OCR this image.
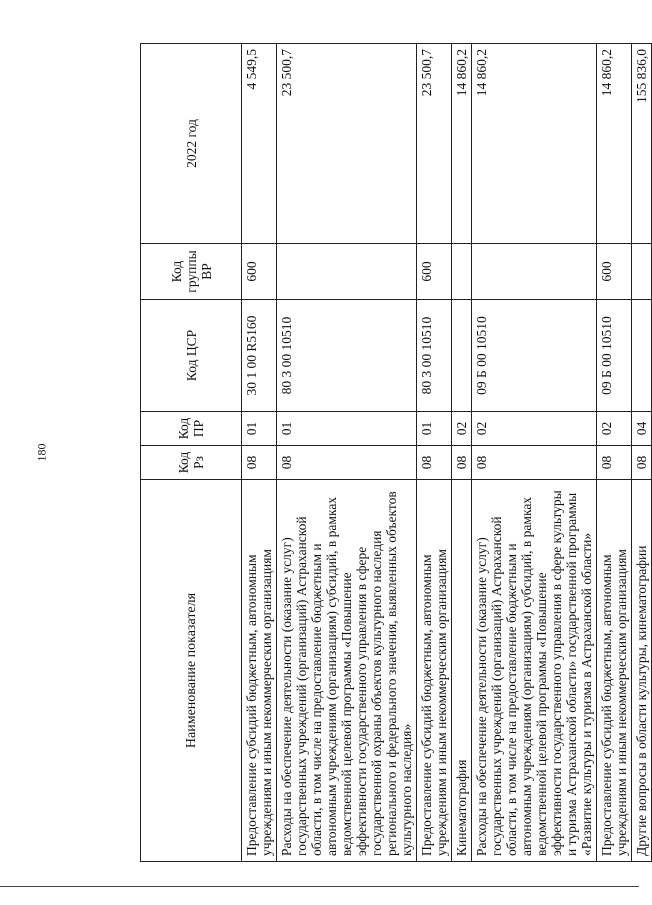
180
Наименование показателя	Код Рз	Код ПР	Код ЦСР	Код группы ВР	2022 год
Предоставление субсидий бюджетным, автономным учреждениям и иным некоммерческим организациям	08	01	30 1 00 R5160	600	4 549,5
Расходы на обеспечение деятельности (оказание услуг) государственных учреждений (организаций) Астраханской области, в том числе на предоставление бюджетным и автономным учреждениям (организациям) субсидий, в рамках ведомственной целевой программы «Повышение эффективности государственного управления в сфере государственной охраны объектов культурного наследия регионального и федерального значения, выявленных объектов культурного наследия»	08	01	80 3 00 10510		23 500,7
Предоставление субсидий бюджетным, автономным учреждениям и иным некоммерческим организациям	08	01	80 3 00 10510	600	23 500,7
Кинематография	08	02			14 860,2
Расходы на обеспечение деятельности (оказание услуг) государственных учреждений (организаций) Астраханской области, в том числе на предоставление бюджетным и автономным учреждениям (организациям) субсидий, в рамках ведомственной целевой программы «Повышение эффективности государственного управления в сфере культуры и туризма Астраханской области» государственной программы «Развитие культуры и туризма в Астраханской области»	08	02	09 Б 00 10510		14 860,2
Предоставление субсидий бюджетным, автономным учреждениям и иным некоммерческим организациям	08	02	09 Б 00 10510	600	14 860,2
Другие вопросы в области культуры, кинематографии	08	04			155 836,0
